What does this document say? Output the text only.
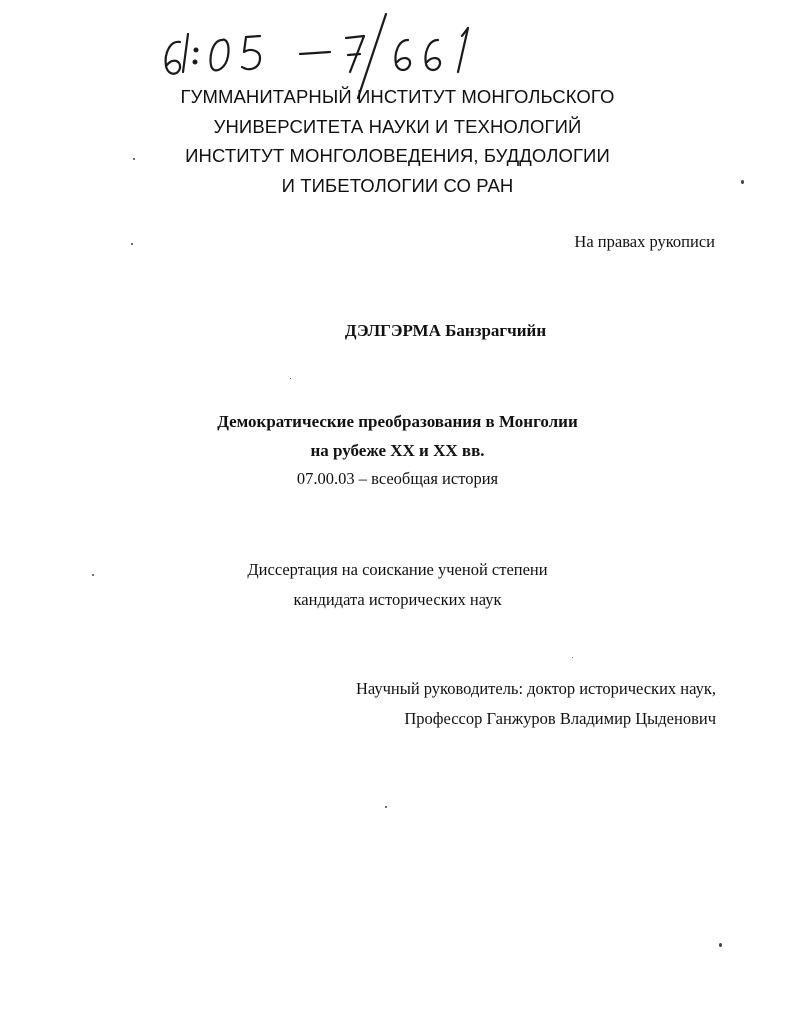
ГУММАНИТАРНЫЙ ИНСТИТУТ МОНГОЛЬСКОГО
УНИВЕРСИТЕТА НАУКИ И ТЕХНОЛОГИЙ
ИНСТИТУТ МОНГОЛОВЕДЕНИЯ, БУДДОЛОГИИ
И ТИБЕТОЛОГИИ СО РАН
На правах рукописи
ДЭЛГЭРМА Банзрагчийн
Демократические преобразования в Монголии
на рубеже XX и XX вв.
07.00.03 – всеобщая история
Диссертация на соискание ученой степени
кандидата исторических наук
Научный руководитель: доктор исторических наук,
Профессор Ганжуров Владимир Цыденович
